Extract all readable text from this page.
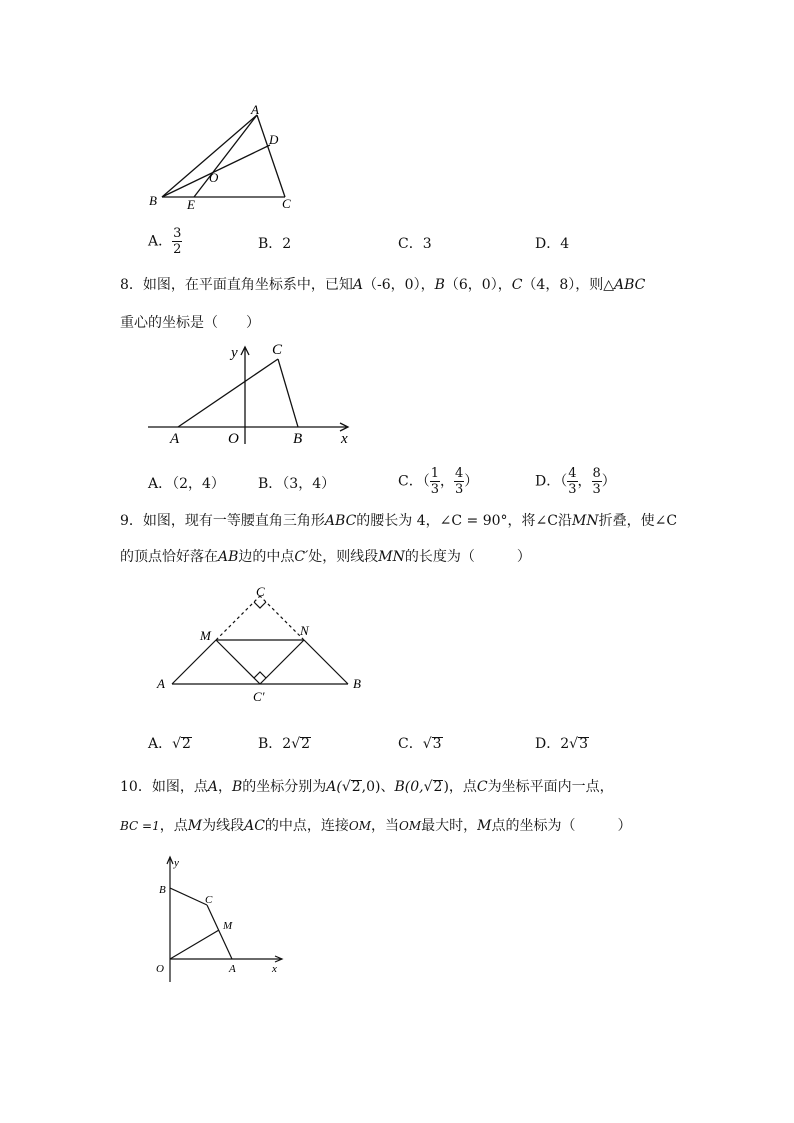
A
D
O
B E	C
A． $\frac{3}{2}$	B．2	C．3	D．4
8．如图，在平面直角坐标系中，已知A（-6，0），B（6，0），C（4，8），则△ABC
重心的坐标是（　　）
y C
A	O	B	x
A．（2，4） B．（3，4）	C．（ $\frac{1}{3}$ ， $\frac{4}{3}$ ）	D．（ $\frac{4}{3}$ ， $\frac{8}{3}$ ）
9．如图，现有一等腰直角三角形ABC的腰长为 4，∠C = 90°，将∠C沿MN折叠，使∠C
的顶点恰好落在AB边的中点C′处，则线段MN的长度为（　　　）
C
M	N
A	B
C′
A．√2	B．2√2	C．√3	D．2√3
10．如图，点A，B的坐标分别为A(√2,0)、B(0,√2)，点C为坐标平面内一点，
BC =1，点M为线段AC的中点，连接OM，当OM最大时，M点的坐标为（　　　）
y
B
C
M
O	A	x
